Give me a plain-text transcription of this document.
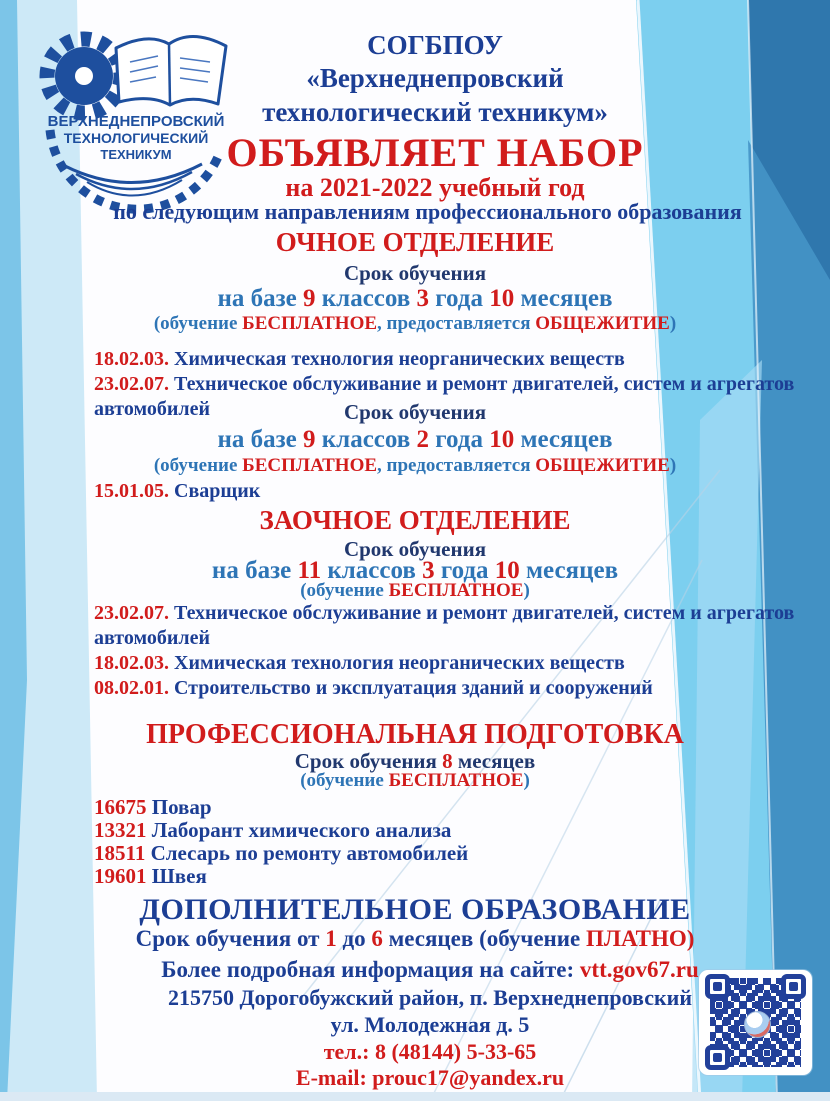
ВЕРХНЕДНЕПРОВСКИЙ
ТЕХНОЛОГИЧЕСКИЙ
ТЕХНИКУМ
СОГБПОУ
«Верхнеднепровский
технологический техникум»
ОБЪЯВЛЯЕТ НАБОР
на 2021-2022 учебный год
по следующим направлениям профессионального образования
ОЧНОЕ ОТДЕЛЕНИЕ
Срок обучения
на базе 9 классов 3 года 10 месяцев
(обучение БЕСПЛАТНОЕ, предоставляется ОБЩЕЖИТИЕ)
18.02.03. Химическая технология неорганических веществ
23.02.07. Техническое обслуживание и ремонт двигателей, систем и агрегатов автомобилей	Срок обучения
на базе 9 классов 2 года 10 месяцев
(обучение БЕСПЛАТНОЕ, предоставляется ОБЩЕЖИТИЕ)
15.01.05. Сварщик
ЗАОЧНОЕ ОТДЕЛЕНИЕ
Срок обучения
на базе 11 классов 3 года 10 месяцев
(обучение БЕСПЛАТНОЕ)
23.02.07. Техническое обслуживание и ремонт двигателей, систем и агрегатов автомобилей
18.02.03. Химическая технология неорганических веществ
08.02.01. Строительство и эксплуатация зданий и сооружений
ПРОФЕССИОНАЛЬНАЯ ПОДГОТОВКА
Срок обучения 8 месяцев
(обучение БЕСПЛАТНОЕ)
16675 Повар
13321 Лаборант химического анализа
18511 Слесарь по ремонту автомобилей
19601 Швея
ДОПОЛНИТЕЛЬНОЕ ОБРАЗОВАНИЕ
Срок обучения от 1 до 6 месяцев (обучение ПЛАТНО)
Более подробная информация на сайте: vtt.gov67.ru
215750 Дорогобужский район, п. Верхнеднепровский
ул. Молодежная д. 5
тел.: 8 (48144) 5-33-65
E-mail: prouc17@yandex.ru
